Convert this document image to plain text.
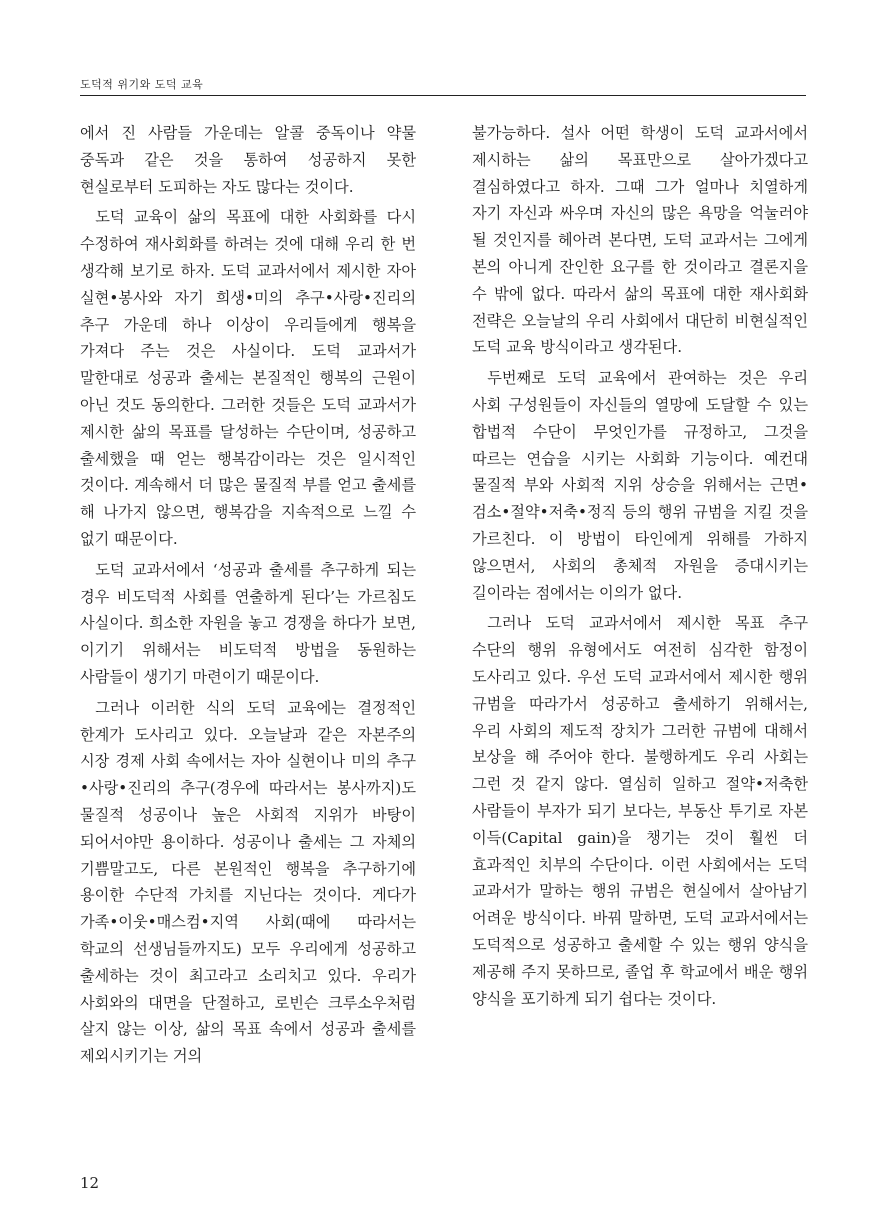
도덕적 위기와 도덕 교육

에서 진 사람들 가운데는 알콜 중독이나 약물 중독과 같은 것을 통하여 성공하지 못한 현실로부터 도피하는 자도 많다는 것이다.

도덕 교육이 삶의 목표에 대한 사회화를 다시 수정하여 재사회화를 하려는 것에 대해 우리 한 번 생각해 보기로 하자. 도덕 교과서에서 제시한 자아 실현•봉사와 자기 희생•미의 추구•사랑•진리의 추구 가운데 하나 이상이 우리들에게 행복을 가져다 주는 것은 사실이다. 도덕 교과서가 말한대로 성공과 출세는 본질적인 행복의 근원이 아닌 것도 동의한다. 그러한 것들은 도덕 교과서가 제시한 삶의 목표를 달성하는 수단이며, 성공하고 출세했을 때 얻는 행복감이라는 것은 일시적인 것이다. 계속해서 더 많은 물질적 부를 얻고 출세를 해 나가지 않으면, 행복감을 지속적으로 느낄 수 없기 때문이다.

도덕 교과서에서 ‘성공과 출세를 추구하게 되는 경우 비도덕적 사회를 연출하게 된다’는 가르침도 사실이다. 희소한 자원을 놓고 경쟁을 하다가 보면, 이기기 위해서는 비도덕적 방법을 동원하는 사람들이 생기기 마련이기 때문이다.

그러나 이러한 식의 도덕 교육에는 결정적인 한계가 도사리고 있다. 오늘날과 같은 자본주의 시장 경제 사회 속에서는 자아 실현이나 미의 추구•사랑•진리의 추구(경우에 따라서는 봉사까지)도 물질적 성공이나 높은 사회적 지위가 바탕이 되어서야만 용이하다. 성공이나 출세는 그 자체의 기쁨말고도, 다른 본원적인 행복을 추구하기에 용이한 수단적 가치를 지닌다는 것이다. 게다가 가족•이웃•매스컴•지역 사회(때에 따라서는 학교의 선생님들까지도) 모두 우리에게 성공하고 출세하는 것이 최고라고 소리치고 있다. 우리가 사회와의 대면을 단절하고, 로빈슨 크루소우처럼 살지 않는 이상, 삶의 목표 속에서 성공과 출세를 제외시키기는 거의

불가능하다. 설사 어떤 학생이 도덕 교과서에서 제시하는 삶의 목표만으로 살아가겠다고 결심하였다고 하자. 그때 그가 얼마나 치열하게 자기 자신과 싸우며 자신의 많은 욕망을 억눌러야 될 것인지를 헤아려 본다면, 도덕 교과서는 그에게 본의 아니게 잔인한 요구를 한 것이라고 결론지을 수 밖에 없다. 따라서 삶의 목표에 대한 재사회화 전략은 오늘날의 우리 사회에서 대단히 비현실적인 도덕 교육 방식이라고 생각된다.

두번째로 도덕 교육에서 관여하는 것은 우리 사회 구성원들이 자신들의 열망에 도달할 수 있는 합법적 수단이 무엇인가를 규정하고, 그것을 따르는 연습을 시키는 사회화 기능이다. 예컨대 물질적 부와 사회적 지위 상승을 위해서는 근면•검소•절약•저축•정직 등의 행위 규범을 지킬 것을 가르친다. 이 방법이 타인에게 위해를 가하지 않으면서, 사회의 총체적 자원을 증대시키는 길이라는 점에서는 이의가 없다.

그러나 도덕 교과서에서 제시한 목표 추구 수단의 행위 유형에서도 여전히 심각한 함정이 도사리고 있다. 우선 도덕 교과서에서 제시한 행위 규범을 따라가서 성공하고 출세하기 위해서는, 우리 사회의 제도적 장치가 그러한 규범에 대해서 보상을 해 주어야 한다. 불행하게도 우리 사회는 그런 것 같지 않다. 열심히 일하고 절약•저축한 사람들이 부자가 되기 보다는, 부동산 투기로 자본 이득(Capital gain)을 챙기는 것이 훨씬 더 효과적인 치부의 수단이다. 이런 사회에서는 도덕 교과서가 말하는 행위 규범은 현실에서 살아남기 어려운 방식이다. 바꿔 말하면, 도덕 교과서에서는 도덕적으로 성공하고 출세할 수 있는 행위 양식을 제공해 주지 못하므로, 졸업 후 학교에서 배운 행위 양식을 포기하게 되기 쉽다는 것이다.

12
